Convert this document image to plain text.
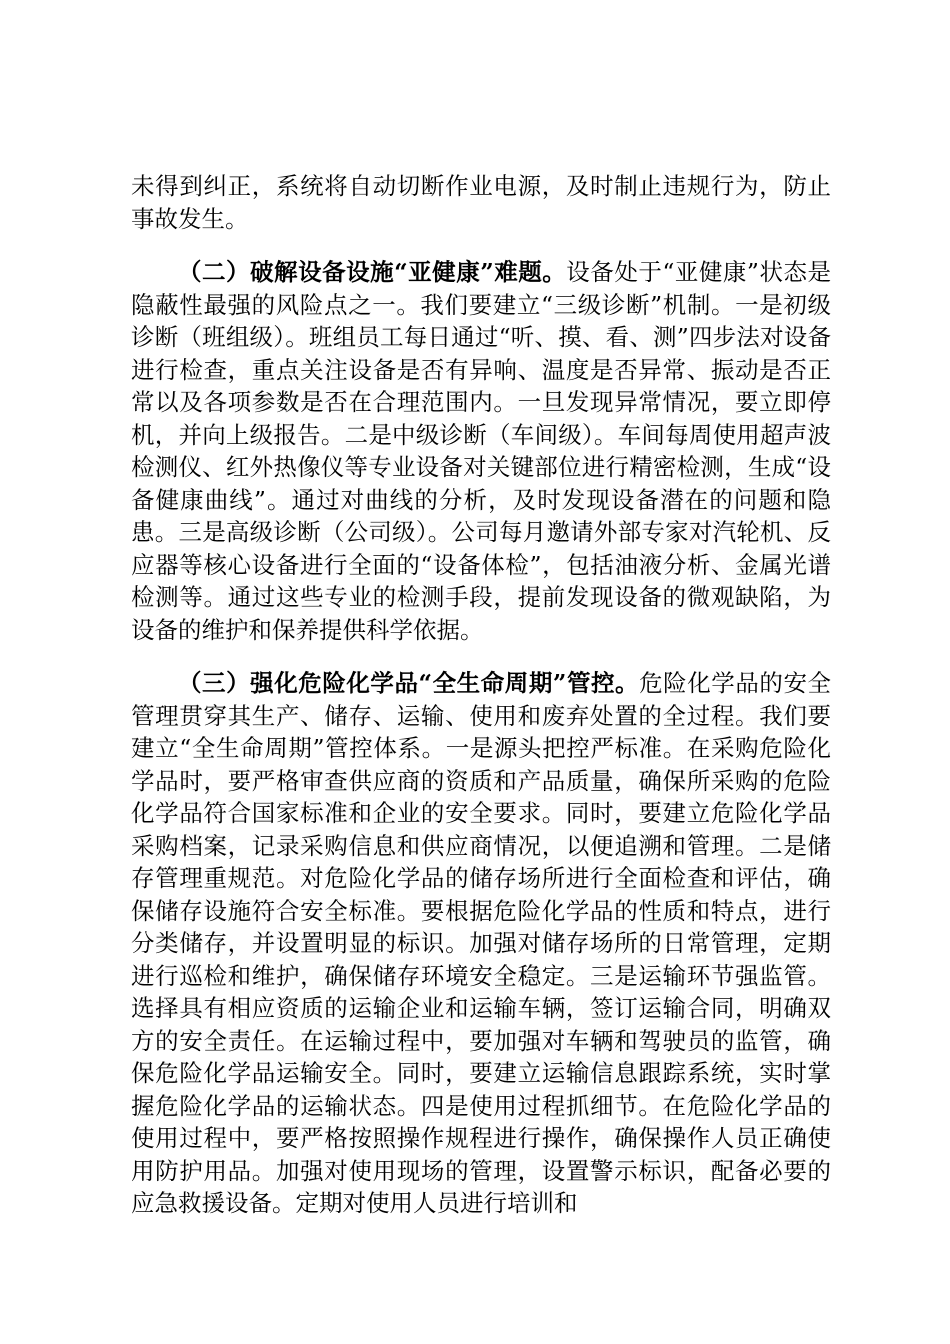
未得到纠正，系统将自动切断作业电源，及时制止违规行为，防止事故发生。

（二）破解设备设施“亚健康”难题。设备处于“亚健康”状态是隐蔽性最强的风险点之一。我们要建立“三级诊断”机制。一是初级诊断（班组级）。班组员工每日通过“听、摸、看、测”四步法对设备进行检查，重点关注设备是否有异响、温度是否异常、振动是否正常以及各项参数是否在合理范围内。一旦发现异常情况，要立即停机，并向上级报告。二是中级诊断（车间级）。车间每周使用超声波检测仪、红外热像仪等专业设备对关键部位进行精密检测，生成“设备健康曲线”。通过对曲线的分析，及时发现设备潜在的问题和隐患。三是高级诊断（公司级）。公司每月邀请外部专家对汽轮机、反应器等核心设备进行全面的“设备体检”，包括油液分析、金属光谱检测等。通过这些专业的检测手段，提前发现设备的微观缺陷，为设备的维护和保养提供科学依据。

（三）强化危险化学品“全生命周期”管控。危险化学品的安全管理贯穿其生产、储存、运输、使用和废弃处置的全过程。我们要建立“全生命周期”管控体系。一是源头把控严标准。在采购危险化学品时，要严格审查供应商的资质和产品质量，确保所采购的危险化学品符合国家标准和企业的安全要求。同时，要建立危险化学品采购档案，记录采购信息和供应商情况，以便追溯和管理。二是储存管理重规范。对危险化学品的储存场所进行全面检查和评估，确保储存设施符合安全标准。要根据危险化学品的性质和特点，进行分类储存，并设置明显的标识。加强对储存场所的日常管理，定期进行巡检和维护，确保储存环境安全稳定。三是运输环节强监管。选择具有相应资质的运输企业和运输车辆，签订运输合同，明确双方的安全责任。在运输过程中，要加强对车辆和驾驶员的监管，确保危险化学品运输安全。同时，要建立运输信息跟踪系统，实时掌握危险化学品的运输状态。四是使用过程抓细节。在危险化学品的使用过程中，要严格按照操作规程进行操作，确保操作人员正确使用防护用品。加强对使用现场的管理，设置警示标识，配备必要的应急救援设备。定期对使用人员进行培训和
